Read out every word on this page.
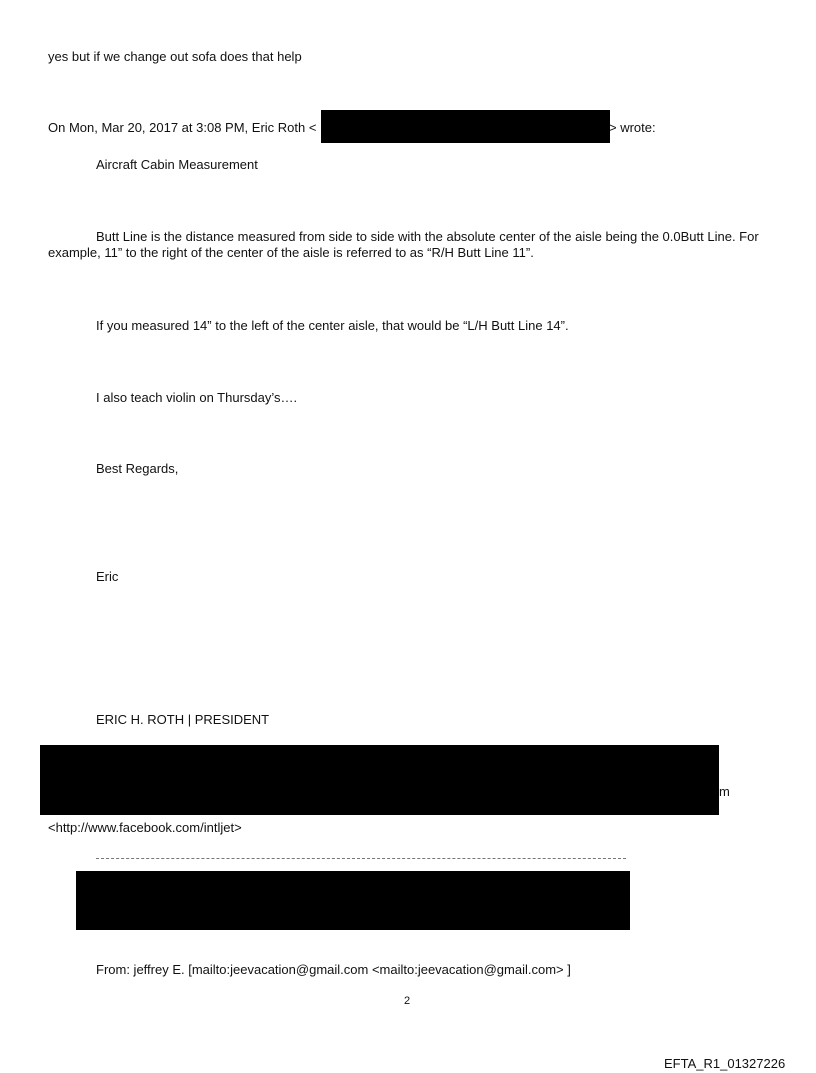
yes but if we change out sofa does that help
On Mon, Mar 20, 2017 at 3:08 PM, Eric Roth <	> wrote:
Aircraft Cabin Measurement
Butt Line is the distance measured from side to side with the absolute center of the aisle being the 0.0Butt Line. For example, 11” to the right of the center of the aisle is referred to as “R/H Butt Line 11”.
If you measured 14” to the left of the center aisle, that would be “L/H Butt Line 14”.
I also teach violin on Thursday’s….
Best Regards,
Eric
ERIC H. ROTH | PRESIDENT
m
<http://www.facebook.com/intljet>
From: jeffrey E. [mailto:jeevacation@gmail.com <mailto:jeevacation@gmail.com> ]
2
EFTA_R1_01327226
